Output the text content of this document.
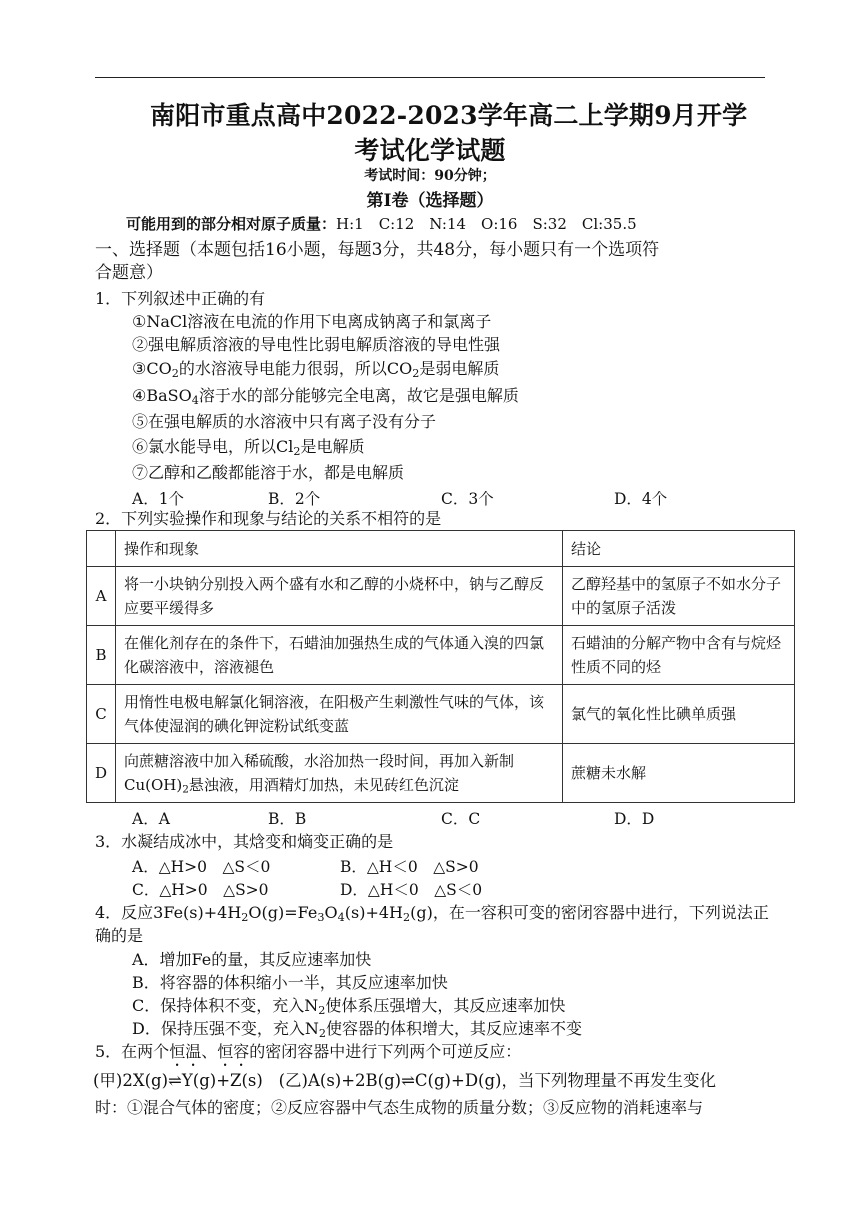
南阳市重点高中2022-2023学年高二上学期9月开学
考试化学试题
考试时间：90分钟；
第Ⅰ卷（选择题）
可能用到的部分相对原子质量：H:1　C:12　N:14　O:16　S:32　Cl:35.5
一、选择题（本题包括16小题，每题3分，共48分，每小题只有一个选项符
合题意）
1．下列叙述中正确的有
①NaCl溶液在电流的作用下电离成钠离子和氯离子
②强电解质溶液的导电性比弱电解质溶液的导电性强
$③CO_2$的水溶液导电能力很弱，所以$CO_2$是弱电解质
④BaSO$_4$溶于水的部分能够完全电离，故它是强电解质
⑤在强电解质的水溶液中只有离子没有分子
⑥氯水能导电，所以$Cl_2$是电解质
⑦乙醇和乙酸都能溶于水，都是电解质
A．1个	B．2个	C．3个	D．4个
2．下列实验操作和现象与结论的关系不相符的是
	操作和现象	结论
A	将一小块钠分别投入两个盛有水和乙醇的小烧杯中，钠与乙醇反应要平缓得多	乙醇羟基中的氢原子不如水分子中的氢原子活泼
B	在催化剂存在的条件下，石蜡油加强热生成的气体通入溴的四氯化碳溶液中，溶液褪色	石蜡油的分解产物中含有与烷烃性质不同的烃
C	用惰性电极电解氯化铜溶液，在阳极产生刺激性气味的气体，该气体使湿润的碘化钾淀粉试纸变蓝	氯气的氧化性比碘单质强
D	向蔗糖溶液中加入稀硫酸，水浴加热一段时间，再加入新制$Cu(OH)_2$悬浊液，用酒精灯加热，未见砖红色沉淀	蔗糖未水解
A．A	B．B	C．C	D．D
3．水凝结成冰中，其焓变和熵变正确的是
A．△H>0　△S＜0	B．△H＜0　△S>0
C．△H>0　△S>0	D．△H＜0　△S＜0
4．反应$3Fe(s)+4H_2O(g)=Fe_3O_4(s)+4H_2(g)$，在一容积可变的密闭容器中进行，下列说法正
确的是
A．增加Fe的量，其反应速率加快
B．将容器的体积缩小一半，其反应速率加快
C．保持体积不变，充入$N_2$使体系压强增大，其反应速率加快
D．保持压强不变，充入$N_2$使容器的体积增大，其反应速率不变
5．在两个恒温、恒容的密闭容器中进行下列两个可逆反应：
(甲)2X(g)⇌Y(g)+Z(s) (乙)A(s)+2B(g)⇌C(g)+D(g)，当下列物理量不再发生变化
时：①混合气体的密度；②反应容器中气态生成物的质量分数；③反应物的消耗速率与
